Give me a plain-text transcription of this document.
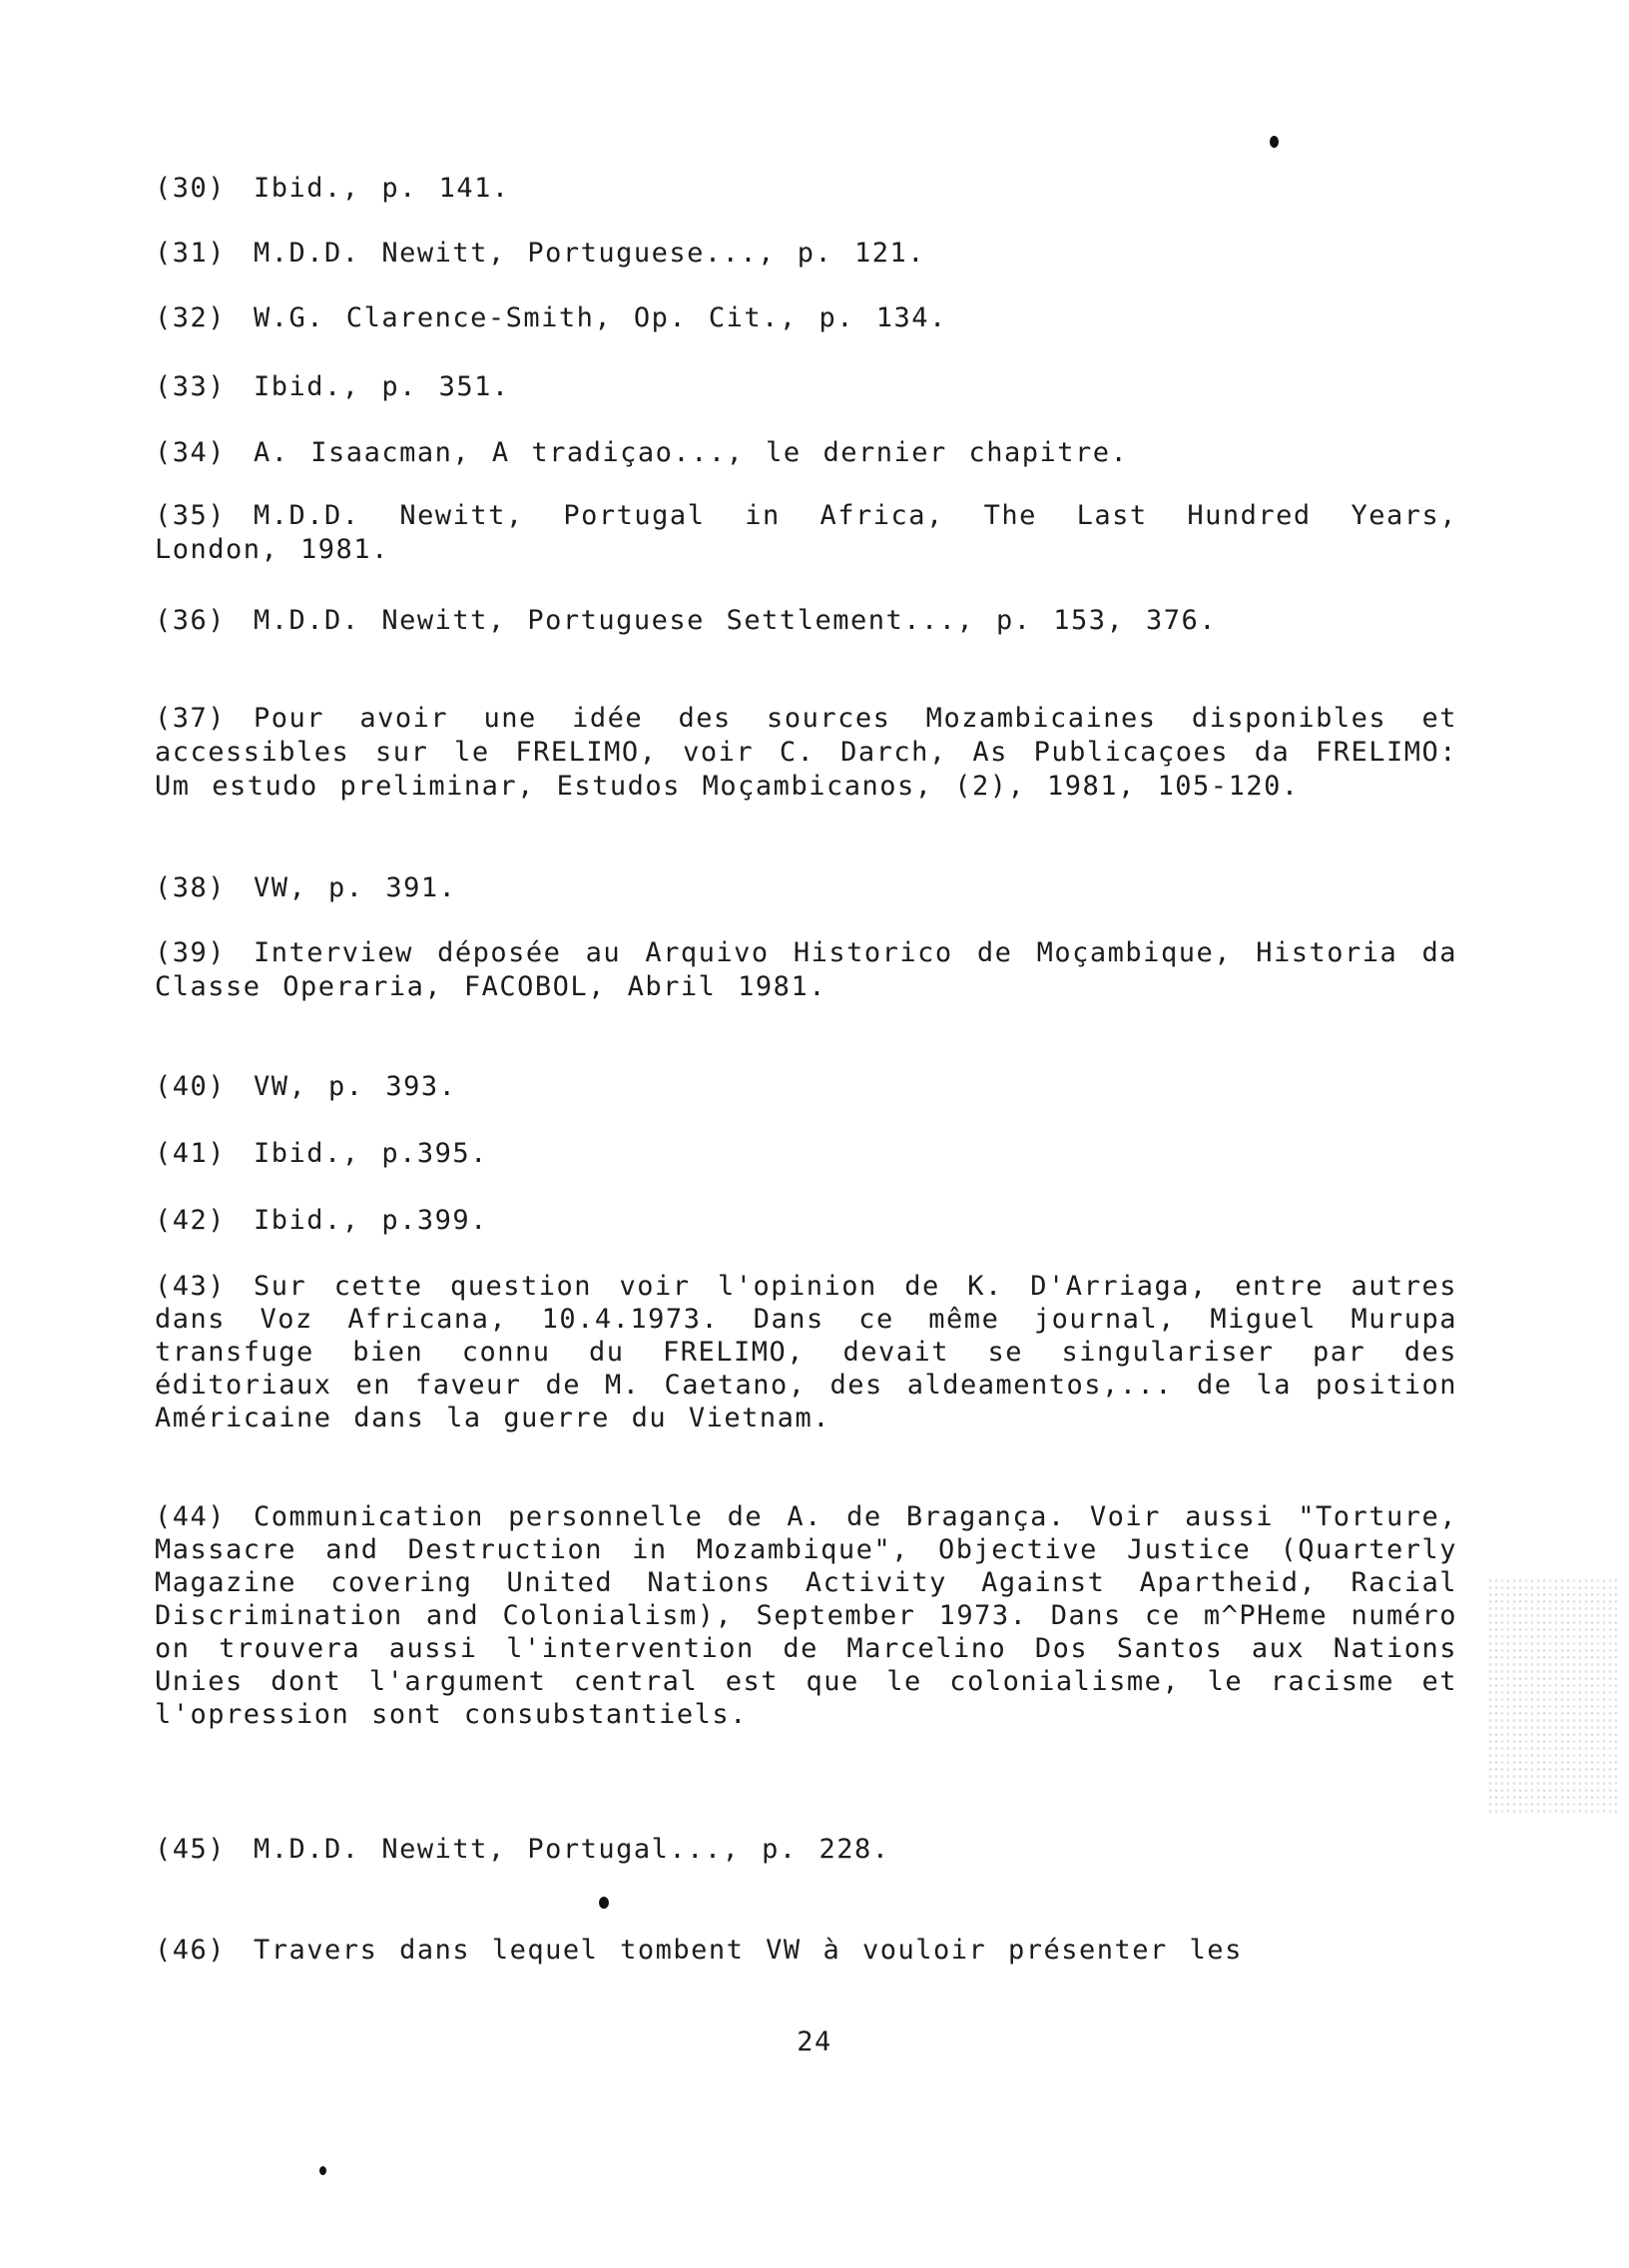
(30) Ibid., p. 141.
(31) M.D.D. Newitt, Portuguese..., p. 121.
(32) W.G. Clarence-Smith, Op. Cit., p. 134.
(33) Ibid., p. 351.
(34) A. Isaacman, A tradiçao..., le dernier chapitre.
(35) M.D.D. Newitt, Portugal in Africa, The Last Hundred Years, London, 1981.
(36) M.D.D. Newitt, Portuguese Settlement..., p. 153, 376.
(37) Pour avoir une idée des sources Mozambicaines disponibles et accessibles sur le FRELIMO, voir C. Darch, As Publicaçoes da FRELIMO: Um estudo preliminar, Estudos Moçambicanos, (2), 1981, 105-120.
(38) VW, p. 391.
(39) Interview déposée au Arquivo Historico de Moçambique, Historia da Classe Operaria, FACOBOL, Abril 1981.
(40) VW, p. 393.
(41) Ibid., p.395.
(42) Ibid., p.399.
(43) Sur cette question voir l'opinion de K. D'Arriaga, entre autres dans Voz Africana, 10.4.1973. Dans ce même journal, Miguel Murupa transfuge bien connu du FRELIMO, devait se singulariser par des éditoriaux en faveur de M. Caetano, des aldeamentos,... de la position Américaine dans la guerre du Vietnam.
(44) Communication personnelle de A. de Bragança. Voir aussi "Torture, Massacre and Destruction in Mozambique", Objective Justice (Quarterly Magazine covering United Nations Activity Against Apartheid, Racial Discrimination and Colonialism), September 1973. Dans ce m^PHeme numéro on trouvera aussi l'intervention de Marcelino Dos Santos aux Nations Unies dont l'argument central est que le colonialisme, le racisme et l'opression sont consubstantiels.
(45) M.D.D. Newitt, Portugal..., p. 228.
(46) Travers dans lequel tombent VW à vouloir présenter les
24
